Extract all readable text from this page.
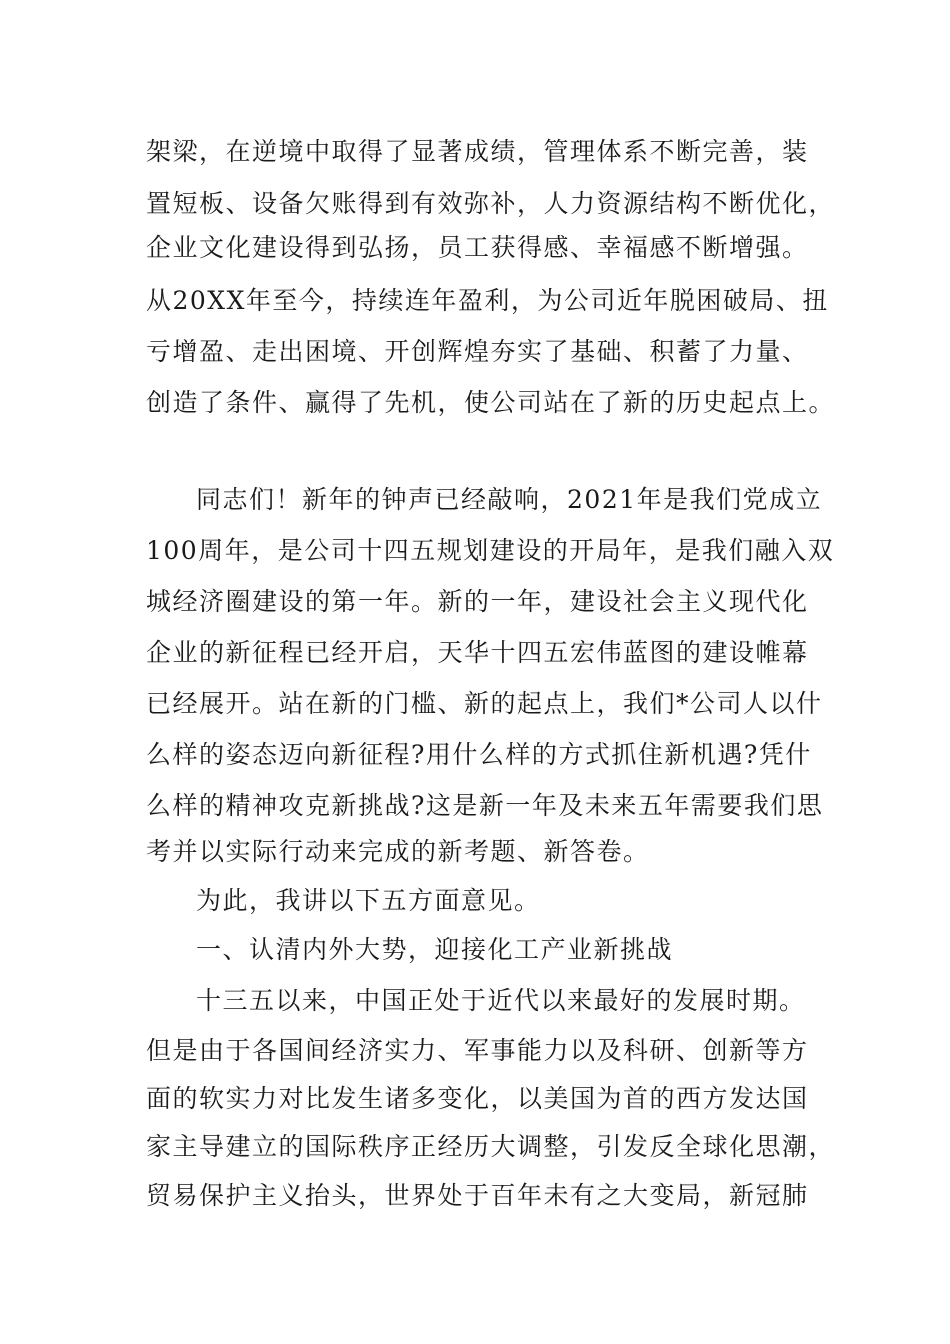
架梁，在逆境中取得了显著成绩，管理体系不断完善，装
置短板、设备欠账得到有效弥补，人力资源结构不断优化，
企业文化建设得到弘扬，员工获得感、幸福感不断增强。
从20XX年至今，持续连年盈利，为公司近年脱困破局、扭
亏增盈、走出困境、开创辉煌夯实了基础、积蓄了力量、
创造了条件、赢得了先机，使公司站在了新的历史起点上。
同志们！新年的钟声已经敲响，2021年是我们党成立
100周年，是公司十四五规划建设的开局年，是我们融入双
城经济圈建设的第一年。新的一年，建设社会主义现代化
企业的新征程已经开启，天华十四五宏伟蓝图的建设帷幕
已经展开。站在新的门槛、新的起点上，我们*公司人以什
么样的姿态迈向新征程?用什么样的方式抓住新机遇?凭什
么样的精神攻克新挑战?这是新一年及未来五年需要我们思
考并以实际行动来完成的新考题、新答卷。
为此，我讲以下五方面意见。
一、认清内外大势，迎接化工产业新挑战
十三五以来，中国正处于近代以来最好的发展时期。
但是由于各国间经济实力、军事能力以及科研、创新等方
面的软实力对比发生诸多变化，以美国为首的西方发达国
家主导建立的国际秩序正经历大调整，引发反全球化思潮，
贸易保护主义抬头，世界处于百年未有之大变局，新冠肺
